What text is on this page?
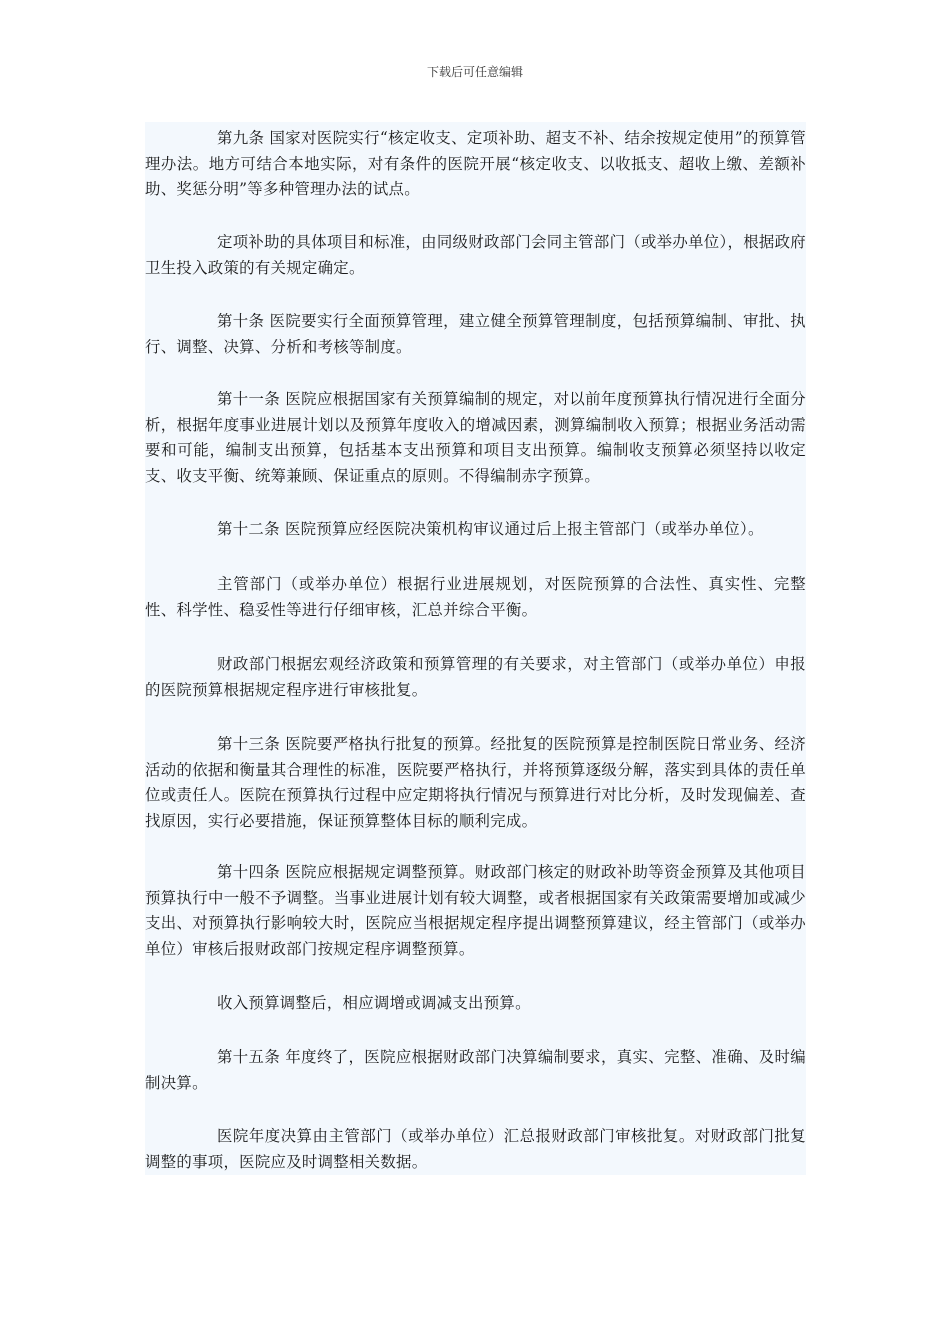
下载后可任意编辑

第九条 国家对医院实行“核定收支、定项补助、超支不补、结余按规定使用”的预算管理办法。地方可结合本地实际，对有条件的医院开展“核定收支、以收抵支、超收上缴、差额补助、奖惩分明”等多种管理办法的试点。

定项补助的具体项目和标准，由同级财政部门会同主管部门（或举办单位），根据政府卫生投入政策的有关规定确定。

第十条 医院要实行全面预算管理，建立健全预算管理制度，包括预算编制、审批、执行、调整、决算、分析和考核等制度。

第十一条 医院应根据国家有关预算编制的规定，对以前年度预算执行情况进行全面分析，根据年度事业进展计划以及预算年度收入的增减因素，测算编制收入预算；根据业务活动需要和可能，编制支出预算，包括基本支出预算和项目支出预算。编制收支预算必须坚持以收定支、收支平衡、统筹兼顾、保证重点的原则。不得编制赤字预算。

第十二条 医院预算应经医院决策机构审议通过后上报主管部门（或举办单位）。

主管部门（或举办单位）根据行业进展规划，对医院预算的合法性、真实性、完整性、科学性、稳妥性等进行仔细审核，汇总并综合平衡。

财政部门根据宏观经济政策和预算管理的有关要求，对主管部门（或举办单位）申报的医院预算根据规定程序进行审核批复。

第十三条 医院要严格执行批复的预算。经批复的医院预算是控制医院日常业务、经济活动的依据和衡量其合理性的标准，医院要严格执行，并将预算逐级分解，落实到具体的责任单位或责任人。医院在预算执行过程中应定期将执行情况与预算进行对比分析，及时发现偏差、查找原因，实行必要措施，保证预算整体目标的顺利完成。

第十四条 医院应根据规定调整预算。财政部门核定的财政补助等资金预算及其他项目预算执行中一般不予调整。当事业进展计划有较大调整，或者根据国家有关政策需要增加或减少支出、对预算执行影响较大时，医院应当根据规定程序提出调整预算建议，经主管部门（或举办单位）审核后报财政部门按规定程序调整预算。

收入预算调整后，相应调增或调减支出预算。

第十五条 年度终了，医院应根据财政部门决算编制要求，真实、完整、准确、及时编制决算。

医院年度决算由主管部门（或举办单位）汇总报财政部门审核批复。对财政部门批复调整的事项，医院应及时调整相关数据。
